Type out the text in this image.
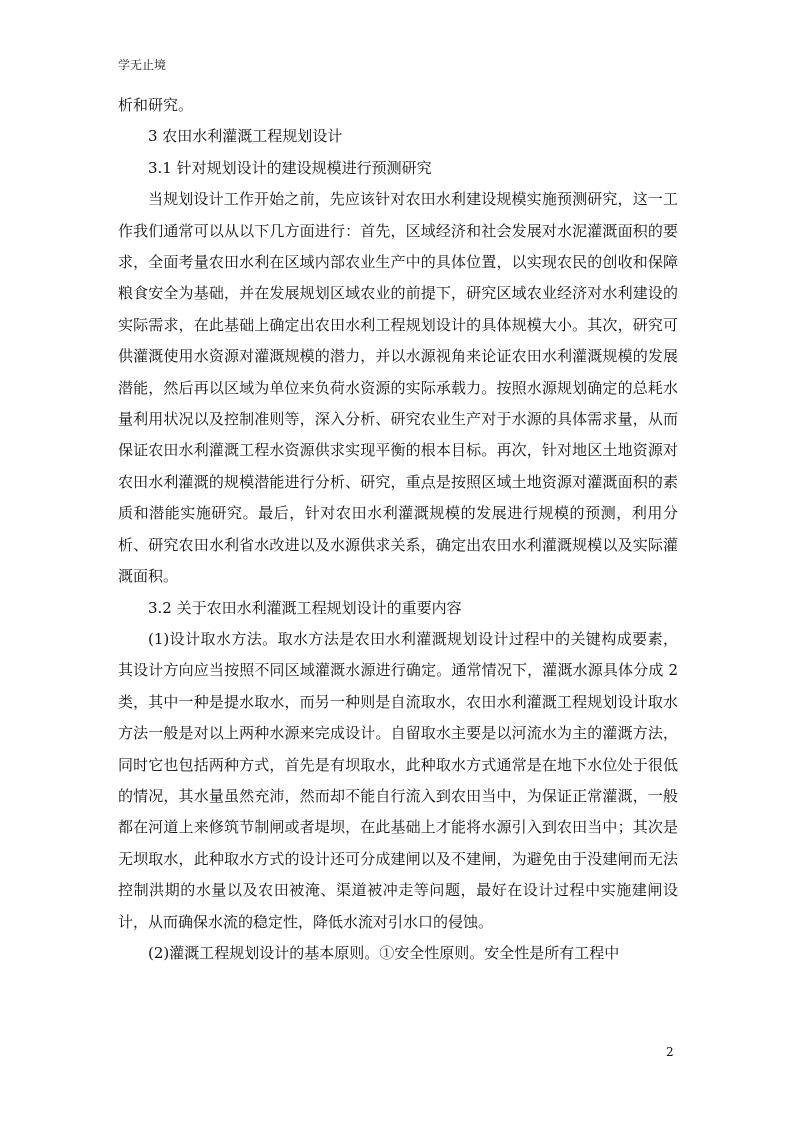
学无止境

析和研究。

3 农田水利灌溉工程规划设计

3.1 针对规划设计的建设规模进行预测研究

当规划设计工作开始之前，先应该针对农田水利建设规模实施预测研究，这一工作我们通常可以从以下几方面进行：首先，区域经济和社会发展对水泥灌溉面积的要求，全面考量农田水利在区域内部农业生产中的具体位置，以实现农民的创收和保障粮食安全为基础，并在发展规划区域农业的前提下，研究区域农业经济对水利建设的实际需求，在此基础上确定出农田水利工程规划设计的具体规模大小。其次，研究可供灌溉使用水资源对灌溉规模的潜力，并以水源视角来论证农田水利灌溉规模的发展潜能，然后再以区域为单位来负荷水资源的实际承载力。按照水源规划确定的总耗水量利用状况以及控制准则等，深入分析、研究农业生产对于水源的具体需求量，从而保证农田水利灌溉工程水资源供求实现平衡的根本目标。再次，针对地区土地资源对农田水利灌溉的规模潜能进行分析、研究，重点是按照区域土地资源对灌溉面积的素质和潜能实施研究。最后，针对农田水利灌溉规模的发展进行规模的预测，利用分析、研究农田水利省水改进以及水源供求关系，确定出农田水利灌溉规模以及实际灌溉面积。

3.2 关于农田水利灌溉工程规划设计的重要内容

(1)设计取水方法。取水方法是农田水利灌溉规划设计过程中的关键构成要素，其设计方向应当按照不同区域灌溉水源进行确定。通常情况下，灌溉水源具体分成 2 类，其中一种是提水取水，而另一种则是自流取水，农田水利灌溉工程规划设计取水方法一般是对以上两种水源来完成设计。自留取水主要是以河流水为主的灌溉方法，同时它也包括两种方式，首先是有坝取水，此种取水方式通常是在地下水位处于很低的情况，其水量虽然充沛，然而却不能自行流入到农田当中，为保证正常灌溉，一般都在河道上来修筑节制闸或者堤坝，在此基础上才能将水源引入到农田当中；其次是无坝取水，此种取水方式的设计还可分成建闸以及不建闸，为避免由于没建闸而无法控制洪期的水量以及农田被淹、渠道被冲走等问题，最好在设计过程中实施建闸设计，从而确保水流的稳定性，降低水流对引水口的侵蚀。

(2)灌溉工程规划设计的基本原则。①安全性原则。安全性是所有工程中

2
